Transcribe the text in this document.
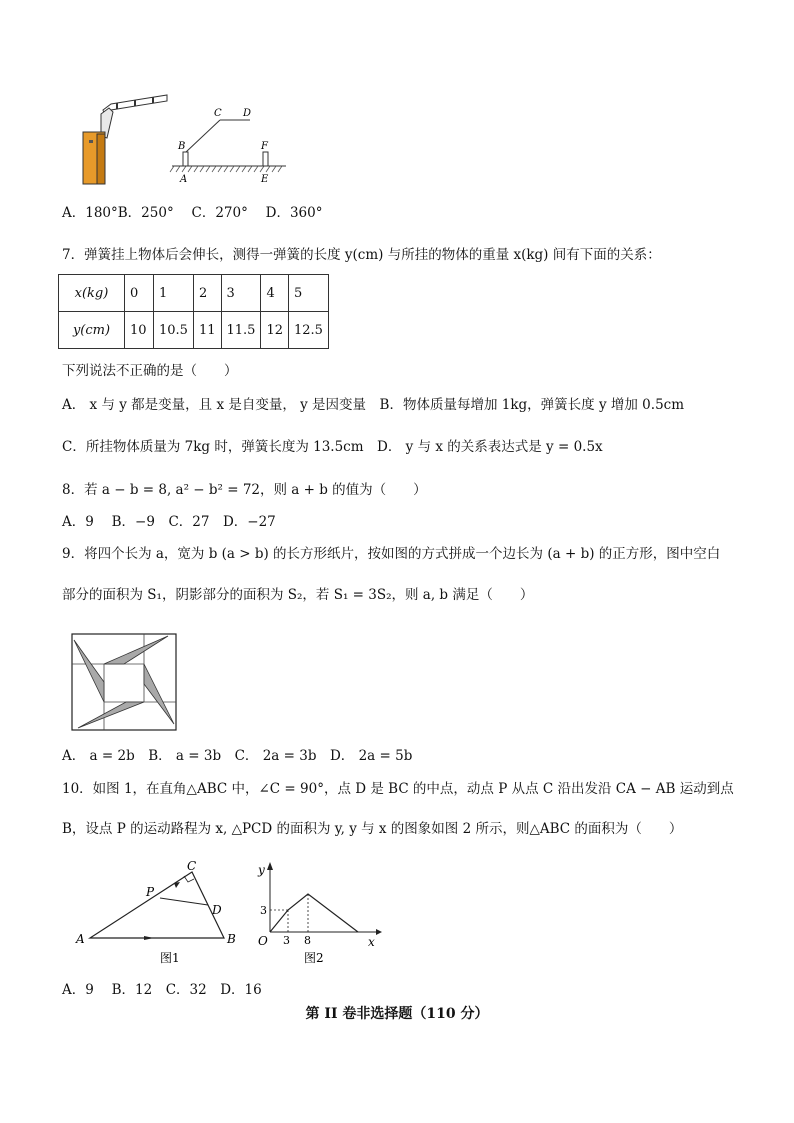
B
C D
A
F
E
A．180°B．250°　 C．270°　 D．360°
7．弹簧挂上物体后会伸长，测得一弹簧的长度 y(cm) 与所挂的物体的重量 x(kg) 间有下面的关系：
x(kg)	0	1	2	3	4	5
y(cm)	10	10.5	11	11.5	12	12.5
下列说法不正确的是（　　）
A． x 与 y 都是变量，且 x 是自变量， y 是因变量　B．物体质量每增加 1kg，弹簧长度 y 增加 0.5cm
C．所挂物体质量为 7kg 时，弹簧长度为 13.5cm　D． y 与 x 的关系表达式是 y = 0.5x
8．若 a − b = 8, a² − b² = 72，则 a + b 的值为（　　）
A．9　 B．−9　C．27　D．−27
9．将四个长为 a，宽为 b (a > b) 的长方形纸片，按如图的方式拼成一个边长为 (a + b) 的正方形，图中空白
部分的面积为 S₁，阴影部分的面积为 S₂，若 S₁ = 3S₂，则 a, b 满足（　　）
A． a = 2b　B． a = 3b　C． 2a = 3b　D． 2a = 5b
10．如图 1，在直角△ABC 中，∠C = 90°，点 D 是 BC 的中点，动点 P 从点 C 沿出发沿 CA − AB 运动到点
B，设点 P 的运动路程为 x, △PCD 的面积为 y, y 与 x 的图象如图 2 所示，则△ABC 的面积为（　　）
C
P
D
A	B
图1
y
x
O
3
3 8
图2
A．9　 B．12　C．32　D．16
第 II 卷非选择题（110 分）
